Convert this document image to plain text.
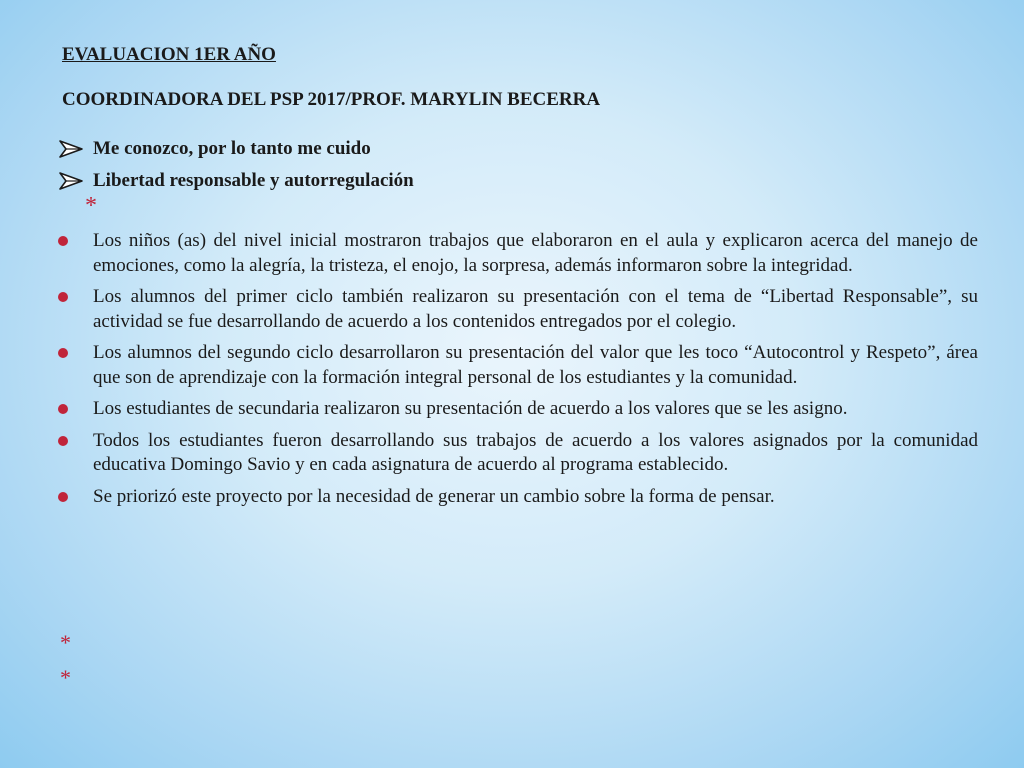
EVALUACION 1ER AÑO

COORDINADORA DEL PSP 2017/PROF. MARYLIN BECERRA

Me conozco, por lo tanto me cuido
Libertad responsable y autorregulación
*
Los niños (as) del nivel inicial mostraron trabajos que elaboraron en el aula y explicaron acerca del manejo de emociones, como la alegría, la tristeza, el enojo, la sorpresa, además informaron sobre la integridad.
Los alumnos del primer ciclo también realizaron su presentación con el tema de “Libertad Responsable”, su actividad se fue desarrollando de acuerdo a los contenidos entregados por el colegio.
Los alumnos del segundo ciclo desarrollaron su presentación del valor que les toco “Autocontrol y Respeto”, área que son de aprendizaje con la formación integral personal de los estudiantes y la comunidad.
Los estudiantes de secundaria realizaron su presentación de acuerdo a los valores que se les asigno.
Todos los estudiantes fueron desarrollando sus trabajos de acuerdo a los valores asignados por la comunidad educativa Domingo Savio y en cada asignatura de acuerdo al programa establecido.
Se priorizó este proyecto por la necesidad de generar un cambio sobre la forma de pensar.
*
*
